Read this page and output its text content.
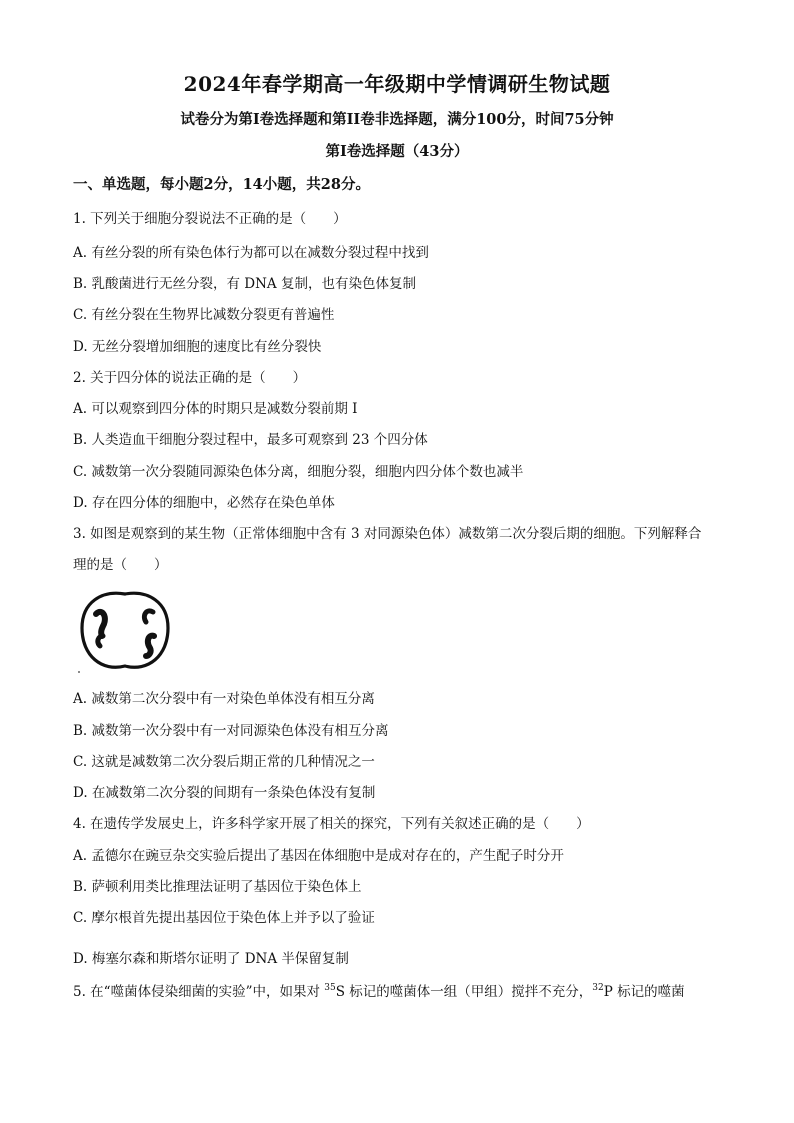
2024年春学期高一年级期中学情调研生物试题
试卷分为第I卷选择题和第II卷非选择题，满分100分，时间75分钟
第I卷选择题（43分）
一、单选题，每小题2分，14小题，共28分。
1. 下列关于细胞分裂说法不正确的是（　　）
A. 有丝分裂的所有染色体行为都可以在减数分裂过程中找到
B. 乳酸菌进行无丝分裂，有 DNA 复制，也有染色体复制
C. 有丝分裂在生物界比减数分裂更有普遍性
D. 无丝分裂增加细胞的速度比有丝分裂快
2. 关于四分体的说法正确的是（　　）
A. 可以观察到四分体的时期只是减数分裂前期 I
B. 人类造血干细胞分裂过程中，最多可观察到 23 个四分体
C. 减数第一次分裂随同源染色体分离，细胞分裂，细胞内四分体个数也减半
D. 存在四分体的细胞中，必然存在染色单体
3. 如图是观察到的某生物（正常体细胞中含有 3 对同源染色体）减数第二次分裂后期的细胞。下列解释合
理的是（　　）
A. 减数第二次分裂中有一对染色单体没有相互分离
B. 减数第一次分裂中有一对同源染色体没有相互分离
C. 这就是减数第二次分裂后期正常的几种情况之一
D. 在减数第二次分裂的间期有一条染色体没有复制
4. 在遗传学发展史上，许多科学家开展了相关的探究，下列有关叙述正确的是（　　）
A. 孟德尔在豌豆杂交实验后提出了基因在体细胞中是成对存在的，产生配子时分开
B. 萨顿利用类比推理法证明了基因位于染色体上
C. 摩尔根首先提出基因位于染色体上并予以了验证
D. 梅塞尔森和斯塔尔证明了 DNA 半保留复制
5. 在“噬菌体侵染细菌的实验”中，如果对 $^{35}$S 标记的噬菌体一组（甲组）搅拌不充分，$^{32}$P 标记的噬菌
